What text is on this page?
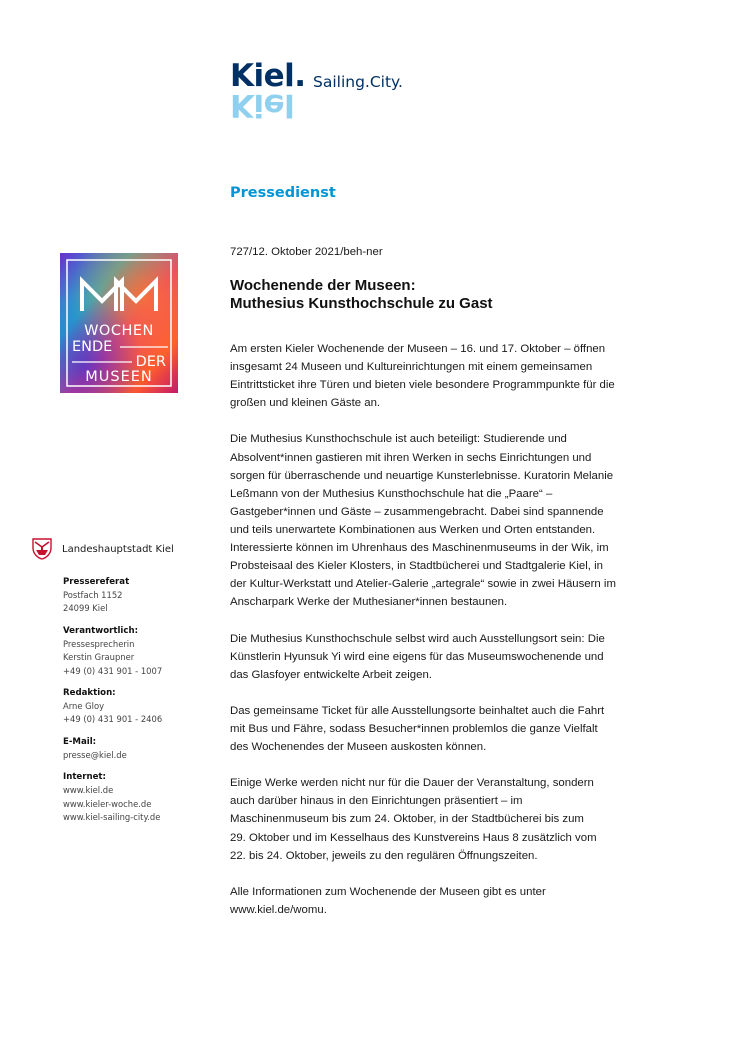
Kiel. Sailing.City.
Kiel
Pressedienst
WOCHEN
ENDE
DER
MUSEEN
Landeshauptstadt Kiel
Pressereferat
Postfach 1152
24099 Kiel
Verantwortlich:
Pressesprecherin
Kerstin Graupner
+49 (0) 431 901 - 1007
Redaktion:
Arne Gloy
+49 (0) 431 901 - 2406
E-Mail:
presse@kiel.de
Internet:
www.kiel.de
www.kieler-woche.de
www.kiel-sailing-city.de
727/12. Oktober 2021/beh-ner
Wochenende der Museen:
Muthesius Kunsthochschule zu Gast
Am ersten Kieler Wochenende der Museen – 16. und 17. Oktober – öffnen
insgesamt 24 Museen und Kultureinrichtungen mit einem gemeinsamen
Eintrittsticket ihre Türen und bieten viele besondere Programmpunkte für die
großen und kleinen Gäste an.
Die Muthesius Kunsthochschule ist auch beteiligt: Studierende und
Absolvent*innen gastieren mit ihren Werken in sechs Einrichtungen und
sorgen für überraschende und neuartige Kunsterlebnisse. Kuratorin Melanie
Leßmann von der Muthesius Kunsthochschule hat die „Paare“ –
Gastgeber*innen und Gäste – zusammengebracht. Dabei sind spannende
und teils unerwartete Kombinationen aus Werken und Orten entstanden.
Interessierte können im Uhrenhaus des Maschinenmuseums in der Wik, im
Probsteisaal des Kieler Klosters, in Stadtbücherei und Stadtgalerie Kiel, in
der Kultur-Werkstatt und Atelier-Galerie „artegrale“ sowie in zwei Häusern im
Anscharpark Werke der Muthesianer*innen bestaunen.
Die Muthesius Kunsthochschule selbst wird auch Ausstellungsort sein: Die
Künstlerin Hyunsuk Yi wird eine eigens für das Museumswochenende und
das Glasfoyer entwickelte Arbeit zeigen.
Das gemeinsame Ticket für alle Ausstellungsorte beinhaltet auch die Fahrt
mit Bus und Fähre, sodass Besucher*innen problemlos die ganze Vielfalt
des Wochenendes der Museen auskosten können.
Einige Werke werden nicht nur für die Dauer der Veranstaltung, sondern
auch darüber hinaus in den Einrichtungen präsentiert – im
Maschinenmuseum bis zum 24. Oktober, in der Stadtbücherei bis zum
29. Oktober und im Kesselhaus des Kunstvereins Haus 8 zusätzlich vom
22. bis 24. Oktober, jeweils zu den regulären Öffnungszeiten.
Alle Informationen zum Wochenende der Museen gibt es unter
www.kiel.de/womu.
